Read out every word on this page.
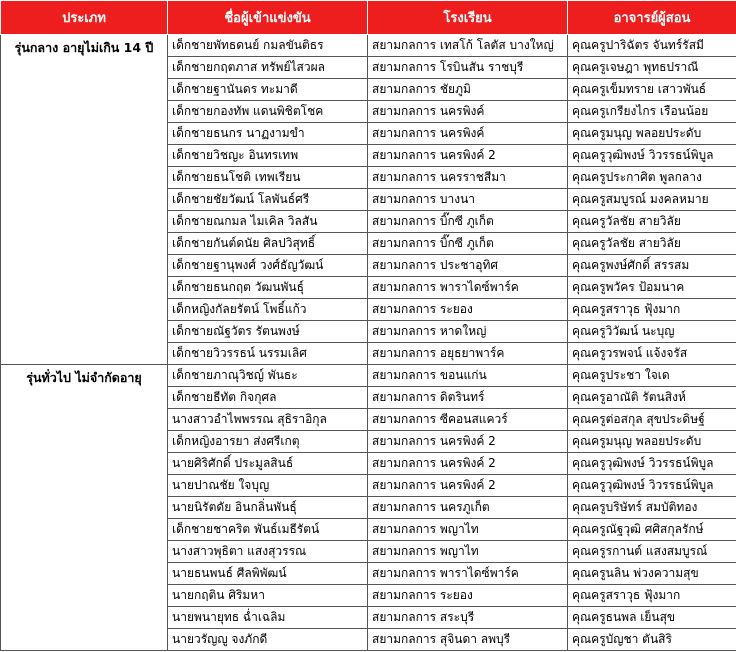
ประเภท	ชื่อผู้เข้าแข่งขัน	โรงเรียน	อาจารย์ผู้สอน
รุ่นกลาง อายุไม่เกิน 14 ปี	เด็กชายพัทธดนย์ กมลขันติธร	สยามกลการ เทสโก้ โลตัส บางใหญ่	คุณครูปาริฉัตร จันทร์รัสมี
	เด็กชายกฤตภาส ทรัพย์ไสวผล	สยามกลการ โรบินสัน ราชบุรี	คุณครูเจษฎา พุทธปราณี
	เด็กชายฐานันดร ทะมาดี	สยามกลการ ชัยภูมิ	คุณครูเข็มทราย เสาวพันธ์
	เด็กชายกองทัพ แดนพิชิตโชค	สยามกลการ นครพิงค์	คุณครูเกรียงไกร เรือนน้อย
	เด็กชายธนกร นาฏงามขำ	สยามกลการ นครพิงค์	คุณครูมนุญ พลอยประดับ
	เด็กชายวิชญะ อินทรเทพ	สยามกลการ นครพิงค์ 2	คุณครูวุฒิพงษ์ วิวรรธน์พิบูล
	เด็กชายธนโชติ เทพเรียน	สยามกลการ นครราชสีมา	คุณครูประกาศิต พูลกลาง
	เด็กชายชัยวัฒน์ โลพันธ์ศรี	สยามกลการ บางนา	คุณครูสมบูรณ์ มงคลหมาย
	เด็กชายณกมล ไมเคิล วิลสัน	สยามกลการ บิ๊กซี ภูเก็ต	คุณครูวัลชัย สายวิลัย
	เด็กชายกันต์ดนัย ศิลปวิสุทธิ์	สยามกลการ บิ๊กซี ภูเก็ต	คุณครูวัลชัย สายวิลัย
	เด็กชายฐานุพงศ์ วงศ์ธัญวัฒน์	สยามกลการ ประชาอุทิศ	คุณครูพงษ์ศักดิ์ สรรสม
	เด็กชายธนกฤต วัฒนพันธุ์	สยามกลการ พาราไดซ์พาร์ค	คุณครูพวัคร ป้อมนาค
	เด็กหญิงกัลยรัตน์ โพธิ์แก้ว	สยามกลการ ระยอง	คุณครูสราวุธ ฟุ้งมาก
	เด็กชายณัฐวัตร รัตนพงษ์	สยามกลการ หาดใหญ่	คุณครูวิวัฒน์ นะบุญ
	เด็กชายวิวรรธน์ นรรมเลิศ	สยามกลการ อยุธยาพาร์ค	คุณครูวรพจน์ แจ้งจรัส
รุ่นทั่วไป ไม่จำกัดอายุ	เด็กชายภาณุวิชญ์ พันธะ	สยามกลการ ขอนแก่น	คุณครูประชา ใจเด
	เด็กชายธีทัต กิจกุศล	สยามกลการ ดิตรินทร์	คุณครูอาณัติ รัตนสิงห์
	นางสาวอำไพพรรณ สุธิราอิกุล	สยามกลการ ซีคอนสแควร์	คุณครูต่อสกุล สุขประดิษฐ์
	เด็กหญิงอารยา ส่งศรีเกตุ	สยามกลการ นครพิงค์ 2	คุณครูมนุญ พลอยประดับ
	นายศิริศักดิ์ ประมูลสินธ์	สยามกลการ นครพิงค์ 2	คุณครูวุฒิพงษ์ วิวรรธน์พิบูล
	นายปาณชัย ใจบุญ	สยามกลการ นครพิงค์ 2	คุณครูวุฒิพงษ์ วิวรรธน์พิบูล
	นายนิรัตดัย อินกลิ่นพันธุ์	สยามกลการ นครภูเก็ต	คุณครูบริษัทร์ สมบัติทอง
	เด็กชายชาคริต พันธ์เมธีรัตน์	สยามกลการ พญาไท	คุณครูณัฐวุฒิ ศศิสกุลรักษ์
	นางสาวพุธิตา แสงสุวรรณ	สยามกลการ พญาไท	คุณครูรกานต์ แสงสมบูรณ์
	นายธนพนธ์ ศีลพิพัฒน์	สยามกลการ พาราไดซ์พาร์ค	คุณครูนลิน พ่วงความสุข
	นายกฤติน ศิริมหา	สยามกลการ ระยอง	คุณครูสราวุธ ฟุ้งมาก
	นายพนายุทธ ฉ่ำเฉลิม	สยามกลการ สระบุรี	คุณครูธนพล เย็นสุข
	นายวรัญญู จงภักดี	สยามกลการ สุจินดา ลพบุรี	คุณครูบัญชา ตันสิริ
